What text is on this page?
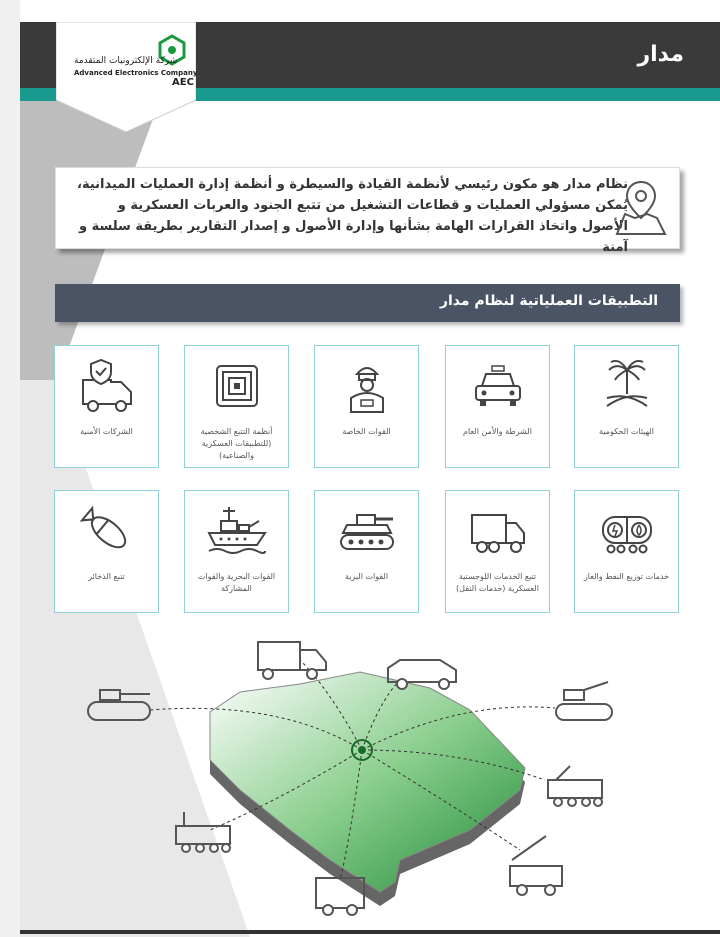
مدار
شركة الإلكترونيات المتقدمة
Advanced Electronics Company
AEC
نظام مدار هو مكون رئيسي لأنظمة القيادة والسيطرة و أنظمة إدارة العمليات الميدانية، يُمكن مسؤولي العمليات و قطاعات التشغيل من تتبع الجنود والعربات العسكرية و الأصول واتخاذ القرارات الهامة بشأنها وإدارة الأصول و إصدار التقارير بطريقة سلسة و آمنة
التطبيقات العملياتية لنظام مدار
الهيئات الحكومية
الشرطة والأمن العام
القوات الخاصة
أنظمة التتبع الشخصية (للتطبيقات العسكرية والصناعية)
الشركات الأمنية
خدمات توزيع النفط والغاز
تتبع الخدمات اللوجستية العسكرية (خدمات النقل)
القوات البرية
القوات البحرية والقوات المشاركة
تتبع الذخائر
